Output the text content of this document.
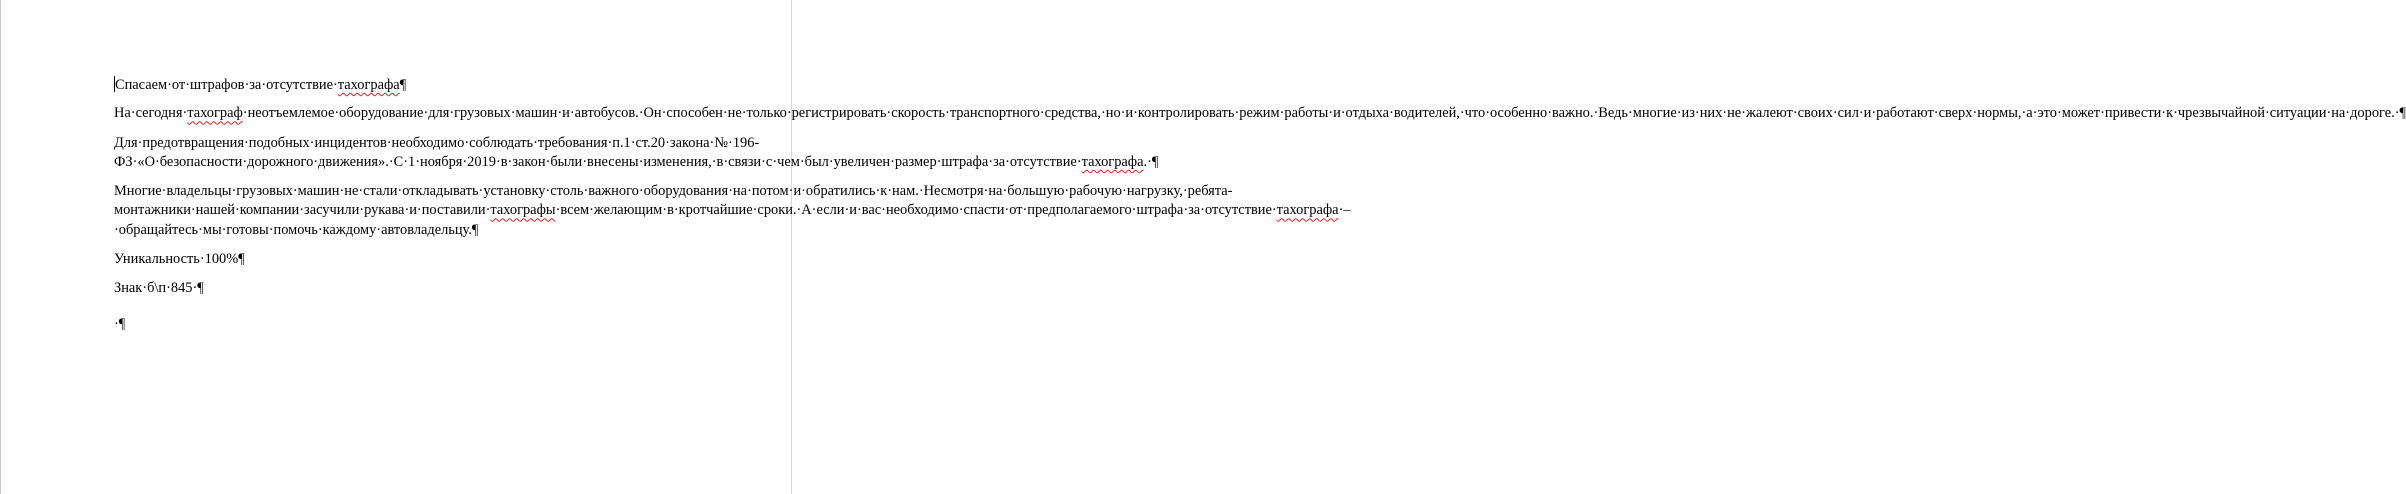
Спасаем·от·штрафов·за·отсутствие·тахографа¶

На·сегодня·тахограф·неотъемлемое·оборудование·для·грузовых·машин·и·автобусов.·Он·способен·не·только·регистрировать·скорость·транспортного·средства,·но·и·контролировать·режим·работы·и·отдыха·водителей,·что·особенно·важно.·Ведь·многие·из·них·не·жалеют·своих·сил·и·работают·сверх·нормы,·а·это·может·привести·к·чрезвычайной·ситуации·на·дороге.·¶

Для·предотвращения·подобных·инцидентов·необходимо·соблюдать·требования·п.1·ст.20·закона·№·196-ФЗ·«О·безопасности·дорожного·движения».·С·1·ноября·2019·в·закон·были·внесены·изменения,·в·связи·с·чем·был·увеличен·размер·штрафа·за·отсутствие·тахографа.·¶

Многие·владельцы·грузовых·машин·не·стали·откладывать·установку·столь·важного·оборудования·на·потом·и·обратились·к·нам.·Несмотря·на·большую·рабочую·нагрузку,·ребята-монтажники·нашей·компании·засучили·рукава·и·поставили·тахографы·всем·желающим·в·кротчайшие·сроки.·А·если·и·вас·необходимо·спасти·от·предполагаемого·штрафа·за·отсутствие·тахографа·–·обращайтесь·мы·готовы·помочь·каждому·автовладельцу.¶

Уникальность·100%¶

Знак·б\п·845·¶

·¶
